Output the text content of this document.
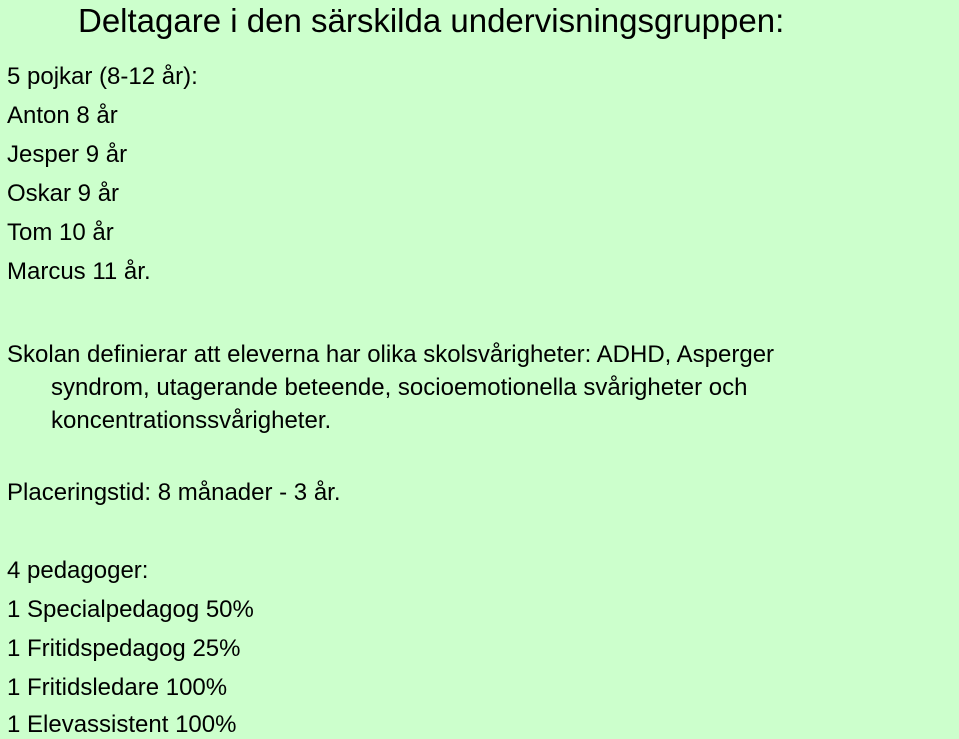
Deltagare i den särskilda undervisningsgruppen:
5 pojkar (8-12 år):
Anton 8 år
Jesper 9 år
Oskar 9 år
Tom 10 år
Marcus 11 år.

Skolan definierar att eleverna har olika skolsvårigheter: ADHD, Asperger
syndrom, utagerande beteende, socioemotionella svårigheter och
koncentrationssvårigheter.

Placeringstid: 8 månader - 3 år.
4 pedagoger:
1 Specialpedagog 50%
1 Fritidspedagog 25%
1 Fritidsledare 100%
1 Elevassistent 100%
